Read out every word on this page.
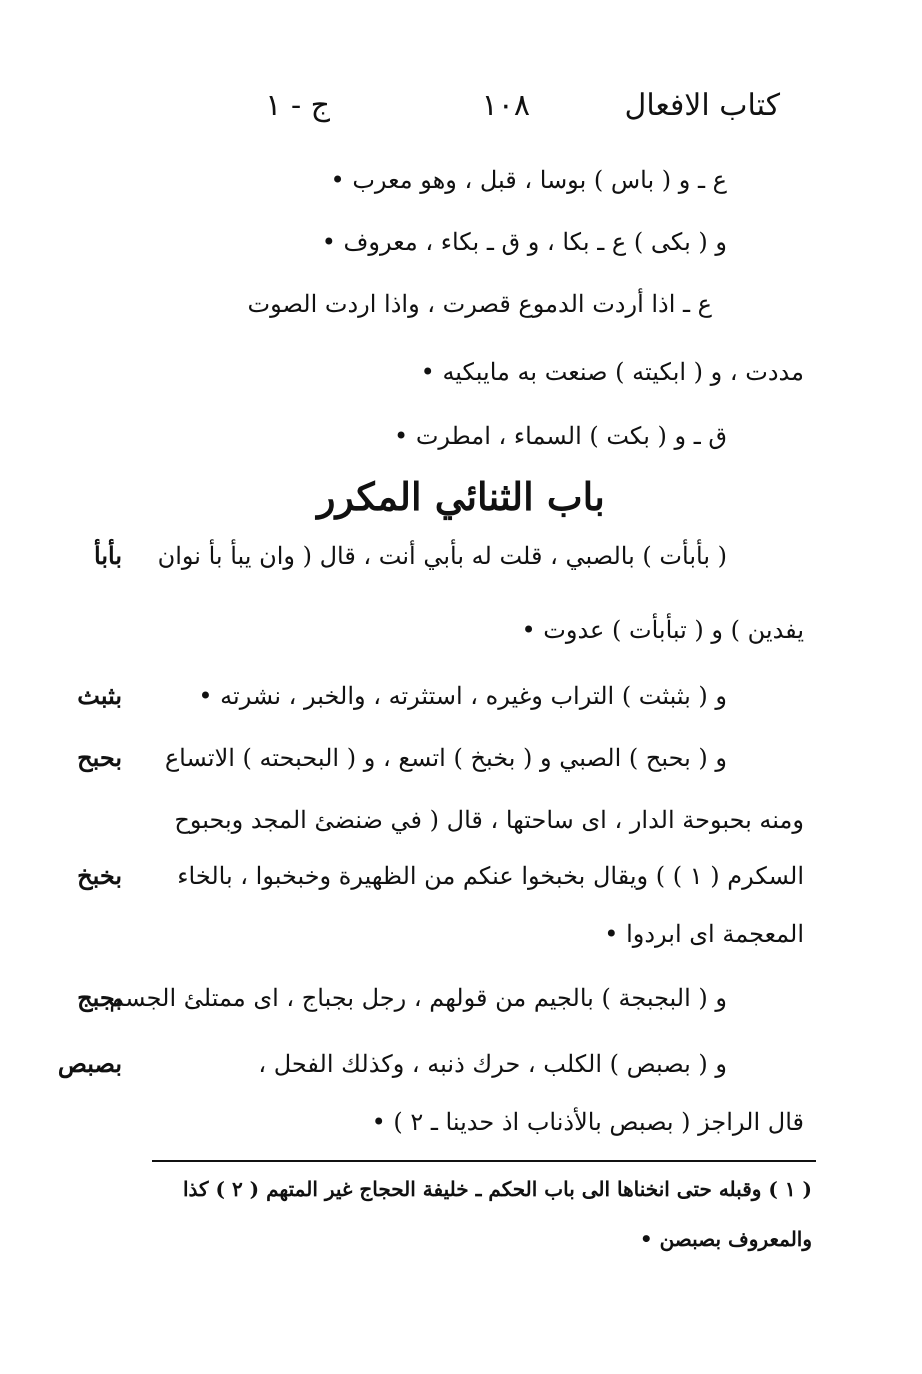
كتاب الافعال
١٠٨
ج - ١
ع ـ و ( باس ) بوسا ، قبل ، وهو معرب •
و ( بكى ) ع ـ بكا ، و ق ـ بكاء ، معروف •
ع ـ اذا أردت الدموع قصرت ، واذا اردت الصوت
مددت ، و ( ابكيته ) صنعت به مايبكيه •
ق ـ و ( بكت ) السماء ، امطرت •
باب الثنائي المكرر
( بأبأت ) بالصبي ، قلت له بأبي أنت ، قال ( وان يبأ بأ نوان
يفدين ) و ( تبأبأت ) عدوت •
و ( بثبثت ) التراب وغيره ، استثرته ، والخبر ، نشرته •
و ( بحبح ) الصبي و ( بخبخ ) اتسع ، و ( البحبحته ) الاتساع
ومنه بحبوحة الدار ، اى ساحتها ، قال ( في ضنضئ المجد وبحبوح
السكرم ( ١ ) ) ويقال بخبخوا عنكم من الظهيرة وخبخبوا ، بالخاء
المعجمة اى ابردوا •
و ( البجبجة ) بالجيم من قولهم ، رجل بجباج ، اى ممتلئ الجسم
و ( بصبص ) الكلب ، حرك ذنبه ، وكذلك الفحل ،
قال الراجز ( بصبص بالأذناب اذ حدينا ـ ٢ ) •
بأبأ
بثبث
بحبح
بخبخ
بجبج
بصبص
( ١ ) وقبله حتى انخناها الى باب الحكم ـ خليفة الحجاج غير المتهم ( ٢ ) كذا
والمعروف بصبصن •
